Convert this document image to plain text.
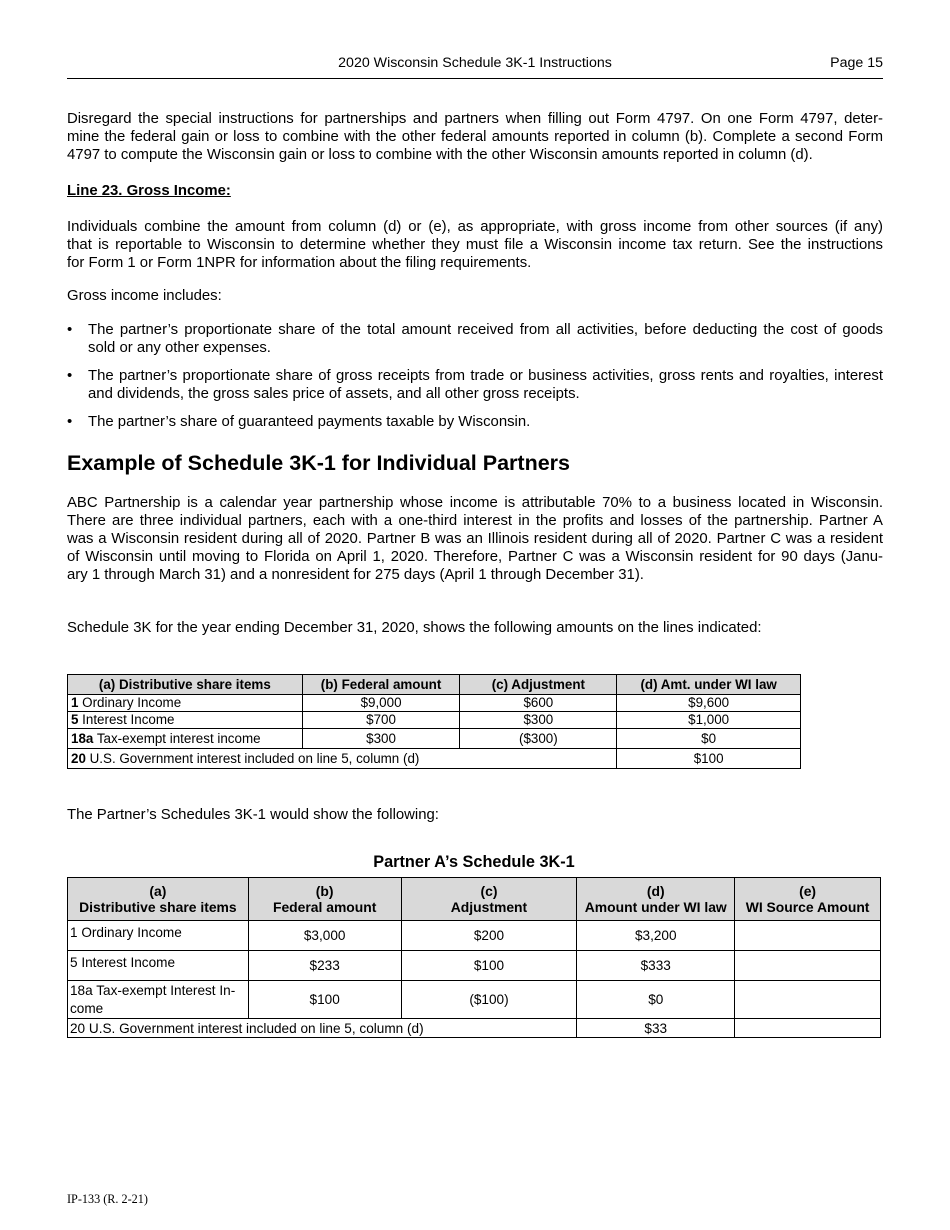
2020 Wisconsin Schedule 3K-1 Instructions	Page 15
Disregard the special instructions for partnerships and partners when filling out Form 4797. On one Form 4797, deter-
mine the federal gain or loss to combine with the other federal amounts reported in column (b). Complete a second Form
4797 to compute the Wisconsin gain or loss to combine with the other Wisconsin amounts reported in column (d).
Line 23. Gross Income:
Individuals combine the amount from column (d) or (e), as appropriate, with gross income from other sources (if any)
that is reportable to Wisconsin to determine whether they must file a Wisconsin income tax return. See the instructions
for Form 1 or Form 1NPR for information about the filing requirements.
Gross income includes:
• The partner’s proportionate share of the total amount received from all activities, before deducting the cost of goods
sold or any other expenses.
• The partner’s proportionate share of gross receipts from trade or business activities, gross rents and royalties, interest
and dividends, the gross sales price of assets, and all other gross receipts.
• The partner’s share of guaranteed payments taxable by Wisconsin.
Example of Schedule 3K-1 for Individual Partners
ABC Partnership is a calendar year partnership whose income is attributable 70% to a business located in Wisconsin.
There are three individual partners, each with a one-third interest in the profits and losses of the partnership. Partner A
was a Wisconsin resident during all of 2020. Partner B was an Illinois resident during all of 2020. Partner C was a resident
of Wisconsin until moving to Florida on April 1, 2020. Therefore, Partner C was a Wisconsin resident for 90 days (Janu-
ary 1 through March 31) and a nonresident for 275 days (April 1 through December 31).
Schedule 3K for the year ending December 31, 2020, shows the following amounts on the lines indicated:
(a) Distributive share items	(b) Federal amount	(c) Adjustment	(d) Amt. under WI law
1 Ordinary Income	$9,000	$600	$9,600
5 Interest Income	$700	$300	$1,000
18a Tax-exempt interest income	$300	($300)	$0
20 U.S. Government interest included on line 5, column (d)			$100
The Partner’s Schedules 3K-1 would show the following:
Partner A’s Schedule 3K-1
(a)
Distributive share items	(b)
Federal amount	(c)
Adjustment	(d)
Amount under WI law	(e)
WI Source Amount
1 Ordinary Income	$3,000	$200	$3,200	
5 Interest Income	$233	$100	$333	
18a Tax-exempt Interest In-
come	$100	($100)	$0	
20 U.S. Government interest included on line 5, column (d)			$33	
IP-133 (R. 2-21)
